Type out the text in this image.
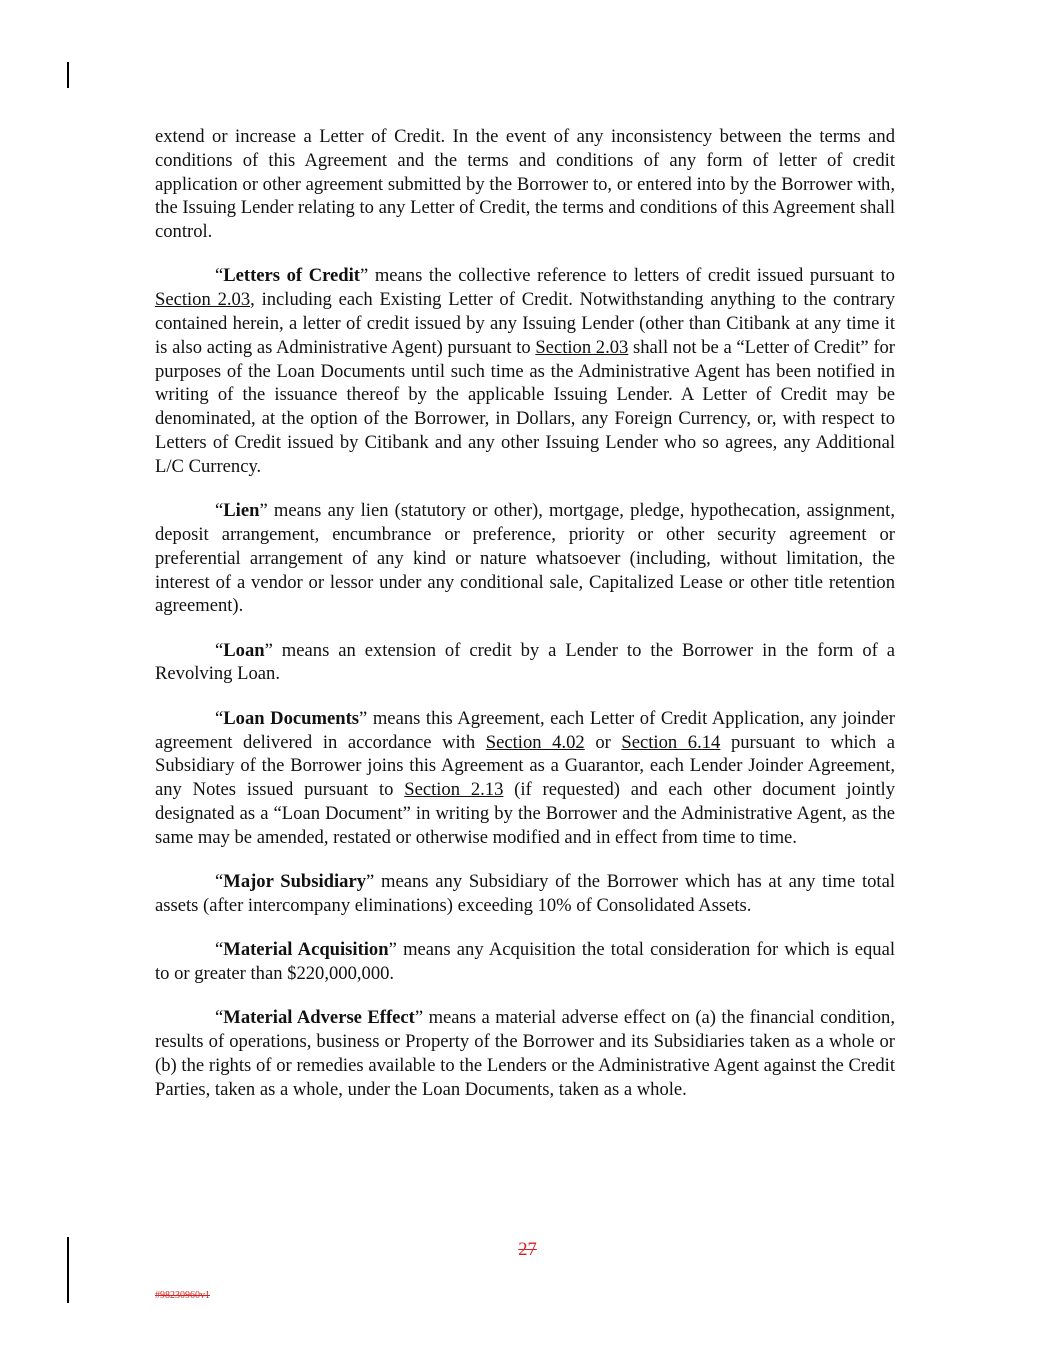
extend or increase a Letter of Credit. In the event of any inconsistency between the terms and conditions of this Agreement and the terms and conditions of any form of letter of credit application or other agreement submitted by the Borrower to, or entered into by the Borrower with, the Issuing Lender relating to any Letter of Credit, the terms and conditions of this Agreement shall control.

“Letters of Credit” means the collective reference to letters of credit issued pursuant to Section 2.03, including each Existing Letter of Credit. Notwithstanding anything to the contrary contained herein, a letter of credit issued by any Issuing Lender (other than Citibank at any time it is also acting as Administrative Agent) pursuant to Section 2.03 shall not be a “Letter of Credit” for purposes of the Loan Documents until such time as the Administrative Agent has been notified in writing of the issuance thereof by the applicable Issuing Lender. A Letter of Credit may be denominated, at the option of the Borrower, in Dollars, any Foreign Currency, or, with respect to Letters of Credit issued by Citibank and any other Issuing Lender who so agrees, any Additional L/C Currency.

“Lien” means any lien (statutory or other), mortgage, pledge, hypothecation, assignment, deposit arrangement, encumbrance or preference, priority or other security agreement or preferential arrangement of any kind or nature whatsoever (including, without limitation, the interest of a vendor or lessor under any conditional sale, Capitalized Lease or other title retention agreement).

“Loan” means an extension of credit by a Lender to the Borrower in the form of a Revolving Loan.

“Loan Documents” means this Agreement, each Letter of Credit Application, any joinder agreement delivered in accordance with Section 4.02 or Section 6.14 pursuant to which a Subsidiary of the Borrower joins this Agreement as a Guarantor, each Lender Joinder Agreement, any Notes issued pursuant to Section 2.13 (if requested) and each other document jointly designated as a “Loan Document” in writing by the Borrower and the Administrative Agent, as the same may be amended, restated or otherwise modified and in effect from time to time.

“Major Subsidiary” means any Subsidiary of the Borrower which has at any time total assets (after intercompany eliminations) exceeding 10% of Consolidated Assets.

“Material Acquisition” means any Acquisition the total consideration for which is equal to or greater than $220,000,000.

“Material Adverse Effect” means a material adverse effect on (a) the financial condition, results of operations, business or Property of the Borrower and its Subsidiaries taken as a whole or (b) the rights of or remedies available to the Lenders or the Administrative Agent against the Credit Parties, taken as a whole, under the Loan Documents, taken as a whole.

27
#98230960v1
